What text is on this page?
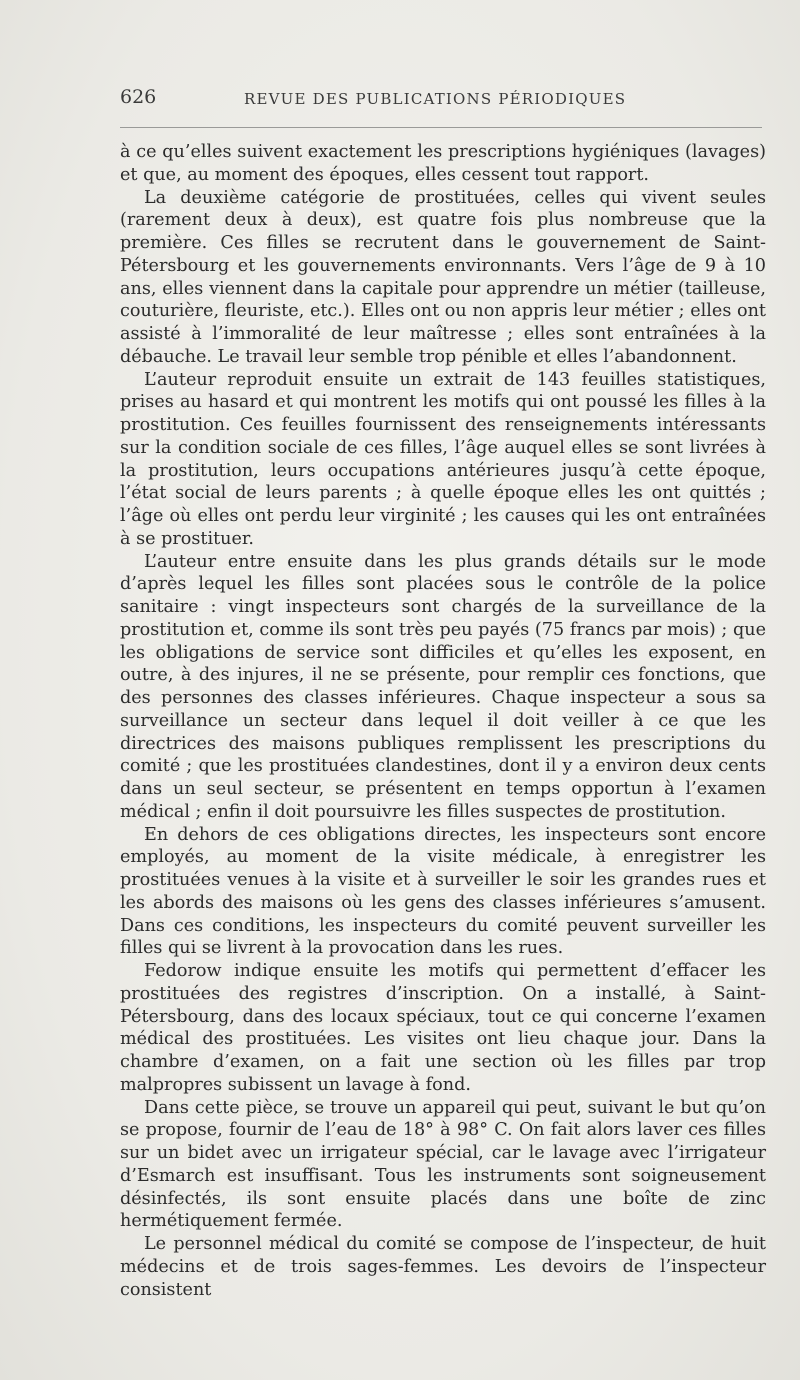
626	REVUE DES PUBLICATIONS PÉRIODIQUES

à ce qu’elles suivent exactement les prescriptions hygiéniques (lavages) et que, au moment des époques, elles cessent tout rapport.

La deuxième catégorie de prostituées, celles qui vivent seules (rarement deux à deux), est quatre fois plus nombreuse que la première. Ces filles se recrutent dans le gouvernement de Saint-Pétersbourg et les gouvernements environnants. Vers l’âge de 9 à 10 ans, elles viennent dans la capitale pour apprendre un métier (tailleuse, couturière, fleuriste, etc.). Elles ont ou non appris leur métier ; elles ont assisté à l’immoralité de leur maîtresse ; elles sont entraînées à la débauche. Le travail leur semble trop pénible et elles l’abandonnent.

L’auteur reproduit ensuite un extrait de 143 feuilles statistiques, prises au hasard et qui montrent les motifs qui ont poussé les filles à la prostitution. Ces feuilles fournissent des renseignements intéressants sur la condition sociale de ces filles, l’âge auquel elles se sont livrées à la prostitution, leurs occupations antérieures jusqu’à cette époque, l’état social de leurs parents ; à quelle époque elles les ont quittés ; l’âge où elles ont perdu leur virginité ; les causes qui les ont entraînées à se prostituer.

L’auteur entre ensuite dans les plus grands détails sur le mode d’après lequel les filles sont placées sous le contrôle de la police sanitaire : vingt inspecteurs sont chargés de la surveillance de la prostitution et, comme ils sont très peu payés (75 francs par mois) ; que les obligations de service sont difficiles et qu’elles les exposent, en outre, à des injures, il ne se présente, pour remplir ces fonctions, que des personnes des classes inférieures. Chaque inspecteur a sous sa surveillance un secteur dans lequel il doit veiller à ce que les directrices des maisons publiques remplissent les prescriptions du comité ; que les prostituées clandestines, dont il y a environ deux cents dans un seul secteur, se présentent en temps opportun à l’examen médical ; enfin il doit poursuivre les filles suspectes de prostitution.

En dehors de ces obligations directes, les inspecteurs sont encore employés, au moment de la visite médicale, à enregistrer les prostituées venues à la visite et à surveiller le soir les grandes rues et les abords des maisons où les gens des classes inférieures s’amusent. Dans ces conditions, les inspecteurs du comité peuvent surveiller les filles qui se livrent à la provocation dans les rues.

Fedorow indique ensuite les motifs qui permettent d’effacer les prostituées des registres d’inscription. On a installé, à Saint-Pétersbourg, dans des locaux spéciaux, tout ce qui concerne l’examen médical des prostituées. Les visites ont lieu chaque jour. Dans la chambre d’examen, on a fait une section où les filles par trop malpropres subissent un lavage à fond.

Dans cette pièce, se trouve un appareil qui peut, suivant le but qu’on se propose, fournir de l’eau de 18° à 98° C. On fait alors laver ces filles sur un bidet avec un irrigateur spécial, car le lavage avec l’irrigateur d’Esmarch est insuffisant. Tous les instruments sont soigneusement désinfectés, ils sont ensuite placés dans une boîte de zinc hermétiquement fermée.

Le personnel médical du comité se compose de l’inspecteur, de huit médecins et de trois sages-femmes. Les devoirs de l’inspecteur consistent
